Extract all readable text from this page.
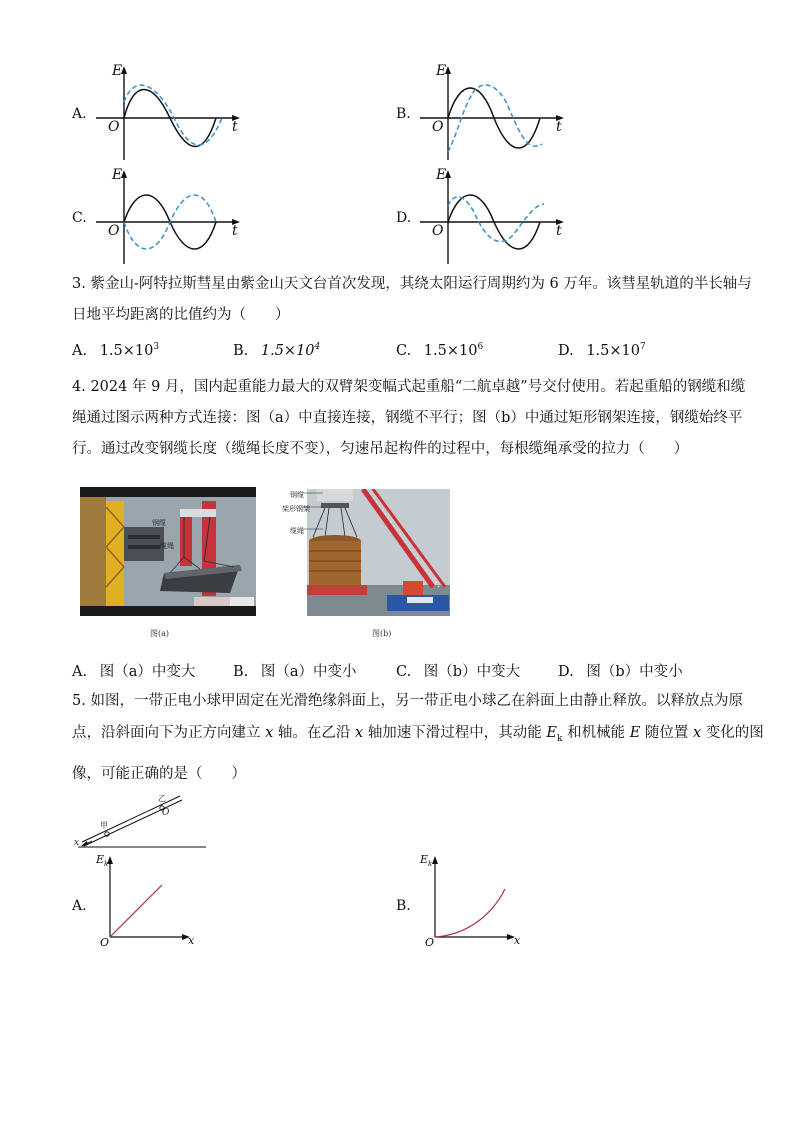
A.
E
t
O
B.
E
t
O
C.
E
t
O
D.
E
t
O
3. 紫金山-阿特拉斯彗星由紫金山天文台首次发现，其绕太阳运行周期约为 6 万年。该彗星轨道的半长轴与
日地平均距离的比值约为（　　）
A. $1.5\times 10^3$	B. $1.5\times 10^4$	C. $1.5\times 10^6$	D. $1.5\times 10^7$
4. 2024 年 9 月，国内起重能力最大的双臂架变幅式起重船“二航卓越”号交付使用。若起重船的钢缆和缆
绳通过图示两种方式连接：图（a）中直接连接，钢缆不平行；图（b）中通过矩形钢架连接，钢缆始终平
行。通过改变钢缆长度（缆绳长度不变），匀速吊起构件的过程中，每根缆绳承受的拉力（　　）
钢缆
缆绳
图(a)
钢缆
架形钢架
缆绳
图(b)
A. 图（a）中变大	B. 图（a）中变小	C. 图（b）中变大	D. 图（b）中变小
5. 如图，一带正电小球甲固定在光滑绝缘斜面上，另一带正电小球乙在斜面上由静止释放。以释放点为原
点，沿斜面向下为正方向建立 x 轴。在乙沿 x 轴加速下滑过程中，其动能 $E_k$ 和机械能 E 随位置 x 变化的图
像，可能正确的是（　　）
x
甲
乙
O
A.
$E_k$
x
O
B.
$E_k$
x
O
